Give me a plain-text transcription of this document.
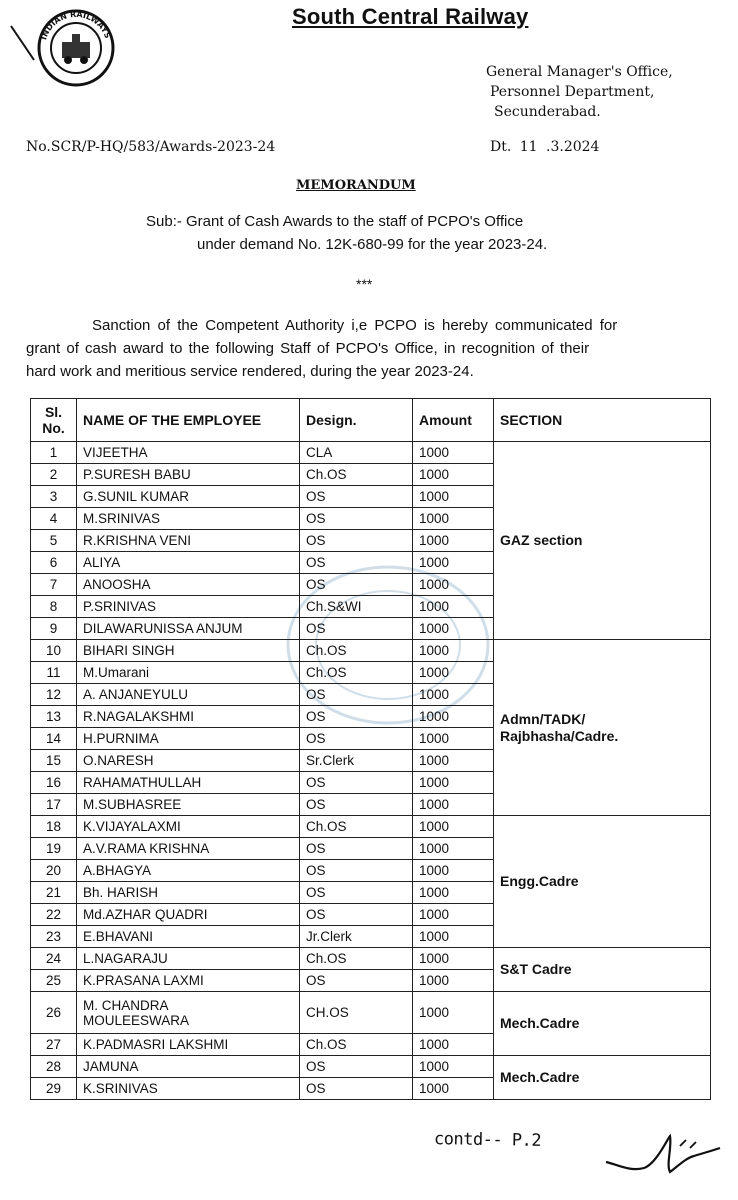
INDIAN RAILWAYS
South Central Railway
General Manager's Office,
Personnel Department,
Secunderabad.
No.SCR/P-HQ/583/Awards-2023-24	Dt. 11 .3.2024
MEMORANDUM
Sub:- Grant of Cash Awards to the staff of PCPO's Office
under demand No. 12K-680-99 for the year 2023-24.
***
Sanction of the Competent Authority i,e PCPO is hereby communicated for
grant of cash award to the following Staff of PCPO's Office, in recognition of their
hard work and meritious service rendered, during the year 2023-24.
Sl.
No.	NAME OF THE EMPLOYEE	Design.	Amount	SECTION
1	VIJEETHA	CLA	1000	GAZ section
2	P.SURESH BABU	Ch.OS	1000	
3	G.SUNIL KUMAR	OS	1000	
4	M.SRINIVAS	OS	1000	
5	R.KRISHNA VENI	OS	1000	
6	ALIYA	OS	1000	
7	ANOOSHA	OS	1000	
8	P.SRINIVAS	Ch.S&WI	1000	
9	DILAWARUNISSA ANJUM	OS	1000	
10	BIHARI SINGH	Ch.OS	1000	Admn/TADK/
Rajbhasha/Cadre.
11	M.Umarani	Ch.OS	1000	
12	A. ANJANEYULU	OS	1000	
13	R.NAGALAKSHMI	OS	1000	
14	H.PURNIMA	OS	1000	
15	O.NARESH	Sr.Clerk	1000	
16	RAHAMATHULLAH	OS	1000	
17	M.SUBHASREE	OS	1000	
18	K.VIJAYALAXMI	Ch.OS	1000	Engg.Cadre
19	A.V.RAMA KRISHNA	OS	1000	
20	A.BHAGYA	OS	1000	
21	Bh. HARISH	OS	1000	
22	Md.AZHAR QUADRI	OS	1000	
23	E.BHAVANI	Jr.Clerk	1000	
24	L.NAGARAJU	Ch.OS	1000	S&T Cadre
25	K.PRASANA LAXMI	OS	1000	
26	M. CHANDRA
MOULEESWARA	CH.OS	1000	Mech.Cadre
27	K.PADMASRI LAKSHMI	Ch.OS	1000	
28	JAMUNA	OS	1000	Mech.Cadre
29	K.SRINIVAS	OS	1000	
contd-- P.2
